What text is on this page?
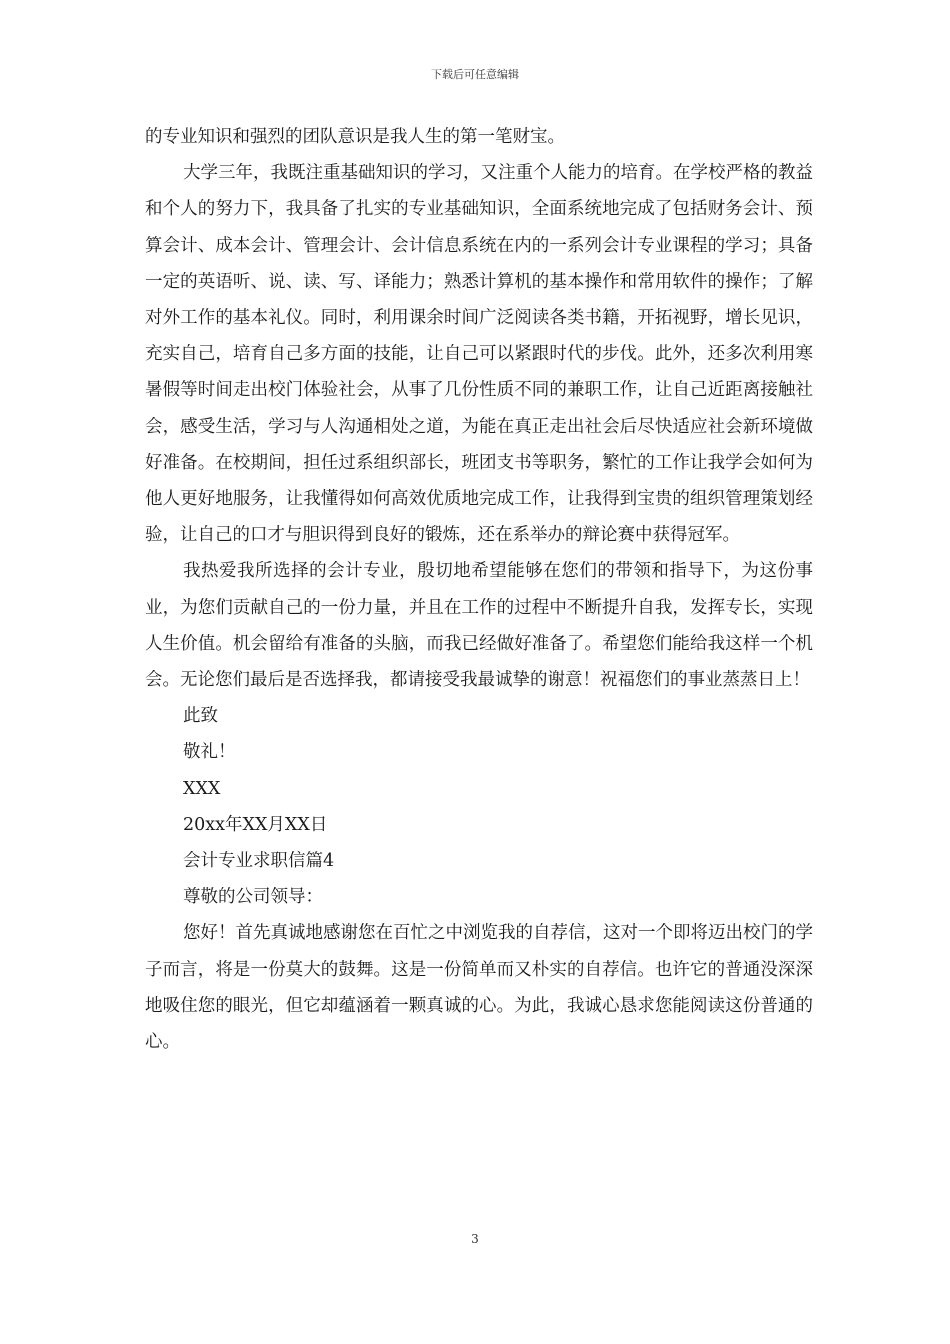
下载后可任意编辑

的专业知识和强烈的团队意识是我人生的第一笔财宝。

大学三年，我既注重基础知识的学习，又注重个人能力的培育。在学校严格的教益和个人的努力下，我具备了扎实的专业基础知识，全面系统地完成了包括财务会计、预算会计、成本会计、管理会计、会计信息系统在内的一系列会计专业课程的学习；具备一定的英语听、说、读、写、译能力；熟悉计算机的基本操作和常用软件的操作；了解对外工作的基本礼仪。同时，利用课余时间广泛阅读各类书籍，开拓视野，增长见识，充实自己，培育自己多方面的技能，让自己可以紧跟时代的步伐。此外，还多次利用寒暑假等时间走出校门体验社会，从事了几份性质不同的兼职工作，让自己近距离接触社会，感受生活，学习与人沟通相处之道，为能在真正走出社会后尽快适应社会新环境做好准备。在校期间，担任过系组织部长，班团支书等职务，繁忙的工作让我学会如何为他人更好地服务，让我懂得如何高效优质地完成工作，让我得到宝贵的组织管理策划经验，让自己的口才与胆识得到良好的锻炼，还在系举办的辩论赛中获得冠军。

我热爱我所选择的会计专业，殷切地希望能够在您们的带领和指导下，为这份事业，为您们贡献自己的一份力量，并且在工作的过程中不断提升自我，发挥专长，实现人生价值。机会留给有准备的头脑，而我已经做好准备了。希望您们能给我这样一个机会。无论您们最后是否选择我，都请接受我最诚挚的谢意！祝福您们的事业蒸蒸日上！

此致

敬礼！

XXX

20xx年XX月XX日

会计专业求职信篇4

尊敬的公司领导：

您好！首先真诚地感谢您在百忙之中浏览我的自荐信，这对一个即将迈出校门的学子而言，将是一份莫大的鼓舞。这是一份简单而又朴实的自荐信。也许它的普通没深深地吸住您的眼光，但它却蕴涵着一颗真诚的心。为此，我诚心恳求您能阅读这份普通的心。

3
